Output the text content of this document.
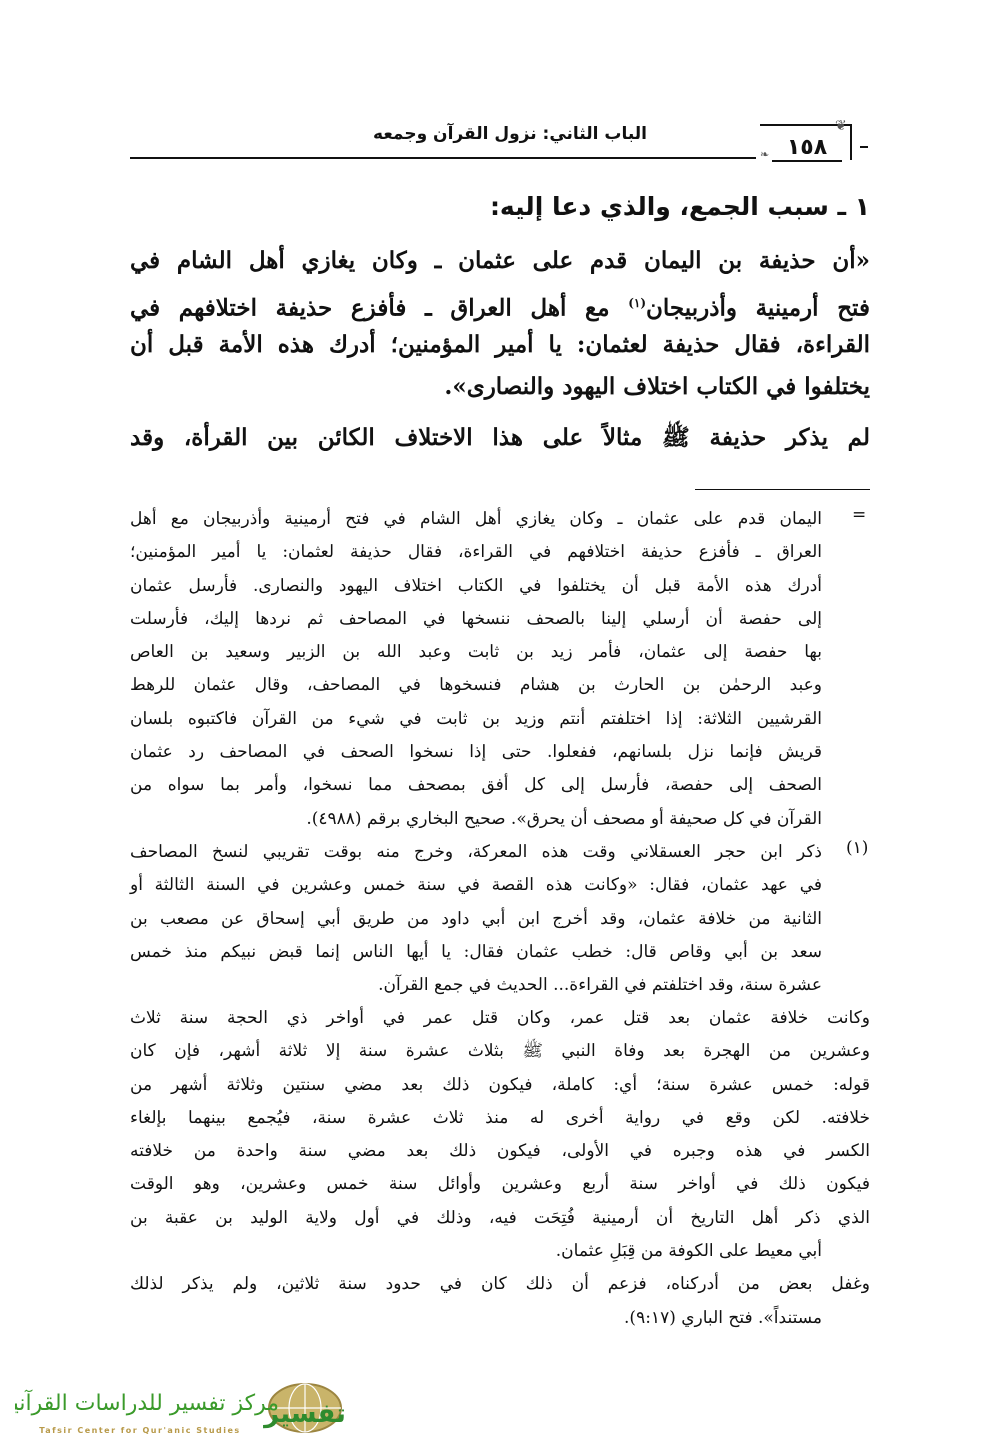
الباب الثاني: نزول القرآن وجمعه	❦
❧ ١٥٨
١ ـ سبب الجمع، والذي دعا إليه:
«أن حذيفة بن اليمان قدم على عثمان ـ وكان يغازي أهل الشام في
فتح أرمينية وأذربيجان$^{(١)}$ مع أهل العراق ـ فأفزع حذيفة اختلافهم في
القراءة، فقال حذيفة لعثمان: يا أمير المؤمنين؛ أدرك هذه الأمة قبل أن
يختلفوا في الكتاب اختلاف اليهود والنصارى».
لم يذكر حذيفة ﷺ مثالاً على هذا الاختلاف الكائن بين القرأة، وقد
=
(١)
اليمان قدم على عثمان ـ وكان يغازي أهل الشام في فتح أرمينية وأذربيجان مع أهل
العراق ـ فأفزع حذيفة اختلافهم في القراءة، فقال حذيفة لعثمان: يا أمير المؤمنين؛
أدرك هذه الأمة قبل أن يختلفوا في الكتاب اختلاف اليهود والنصارى. فأرسل عثمان
إلى حفصة أن أرسلي إلينا بالصحف ننسخها في المصاحف ثم نردها إليك، فأرسلت
بها حفصة إلى عثمان، فأمر زيد بن ثابت وعبد الله بن الزبير وسعيد بن العاص
وعبد الرحمٰن بن الحارث بن هشام فنسخوها في المصاحف، وقال عثمان للرهط
القرشيين الثلاثة: إذا اختلفتم أنتم وزيد بن ثابت في شيء من القرآن فاكتبوه بلسان
قريش فإنما نزل بلسانهم، ففعلوا. حتى إذا نسخوا الصحف في المصاحف رد عثمان
الصحف إلى حفصة، فأرسل إلى كل أفق بمصحف مما نسخوا، وأمر بما سواه من
القرآن في كل صحيفة أو مصحف أن يحرق». صحيح البخاري برقم (٤٩٨٨).
ذكر ابن حجر العسقلاني وقت هذه المعركة، وخرج منه بوقت تقريبي لنسخ المصاحف
في عهد عثمان، فقال: «وكانت هذه القصة في سنة خمس وعشرين في السنة الثالثة أو
الثانية من خلافة عثمان، وقد أخرج ابن أبي داود من طريق أبي إسحاق عن مصعب بن
سعد بن أبي وقاص قال: خطب عثمان فقال: يا أيها الناس إنما قبض نبيكم منذ خمس
عشرة سنة، وقد اختلفتم في القراءة... الحديث في جمع القرآن.
وكانت خلافة عثمان بعد قتل عمر، وكان قتل عمر في أواخر ذي الحجة سنة ثلاث
وعشرين من الهجرة بعد وفاة النبي ﷺ بثلاث عشرة سنة إلا ثلاثة أشهر، فإن كان
قوله: خمس عشرة سنة؛ أي: كاملة، فيكون ذلك بعد مضي سنتين وثلاثة أشهر من
خلافته. لكن وقع في رواية أخرى له منذ ثلاث عشرة سنة، فيُجمع بينهما بإلغاء
الكسر في هذه وجبره في الأولى، فيكون ذلك بعد مضي سنة واحدة من خلافته
فيكون ذلك في أواخر سنة أربع وعشرين وأوائل سنة خمس وعشرين، وهو الوقت
الذي ذكر أهل التاريخ أن أرمينية فُتِحَت فيه، وذلك في أول ولاية الوليد بن عقبة بن
أبي معيط على الكوفة من قِبَلِ عثمان.
وغفل بعض من أدركناه، فزعم أن ذلك كان في حدود سنة ثلاثين، ولم يذكر لذلك
مستنداً». فتح الباري (٩:١٧).
تفسير
مركز تفسير للدراسات القرآنية
Tafsir Center for Qur'anic Studies
